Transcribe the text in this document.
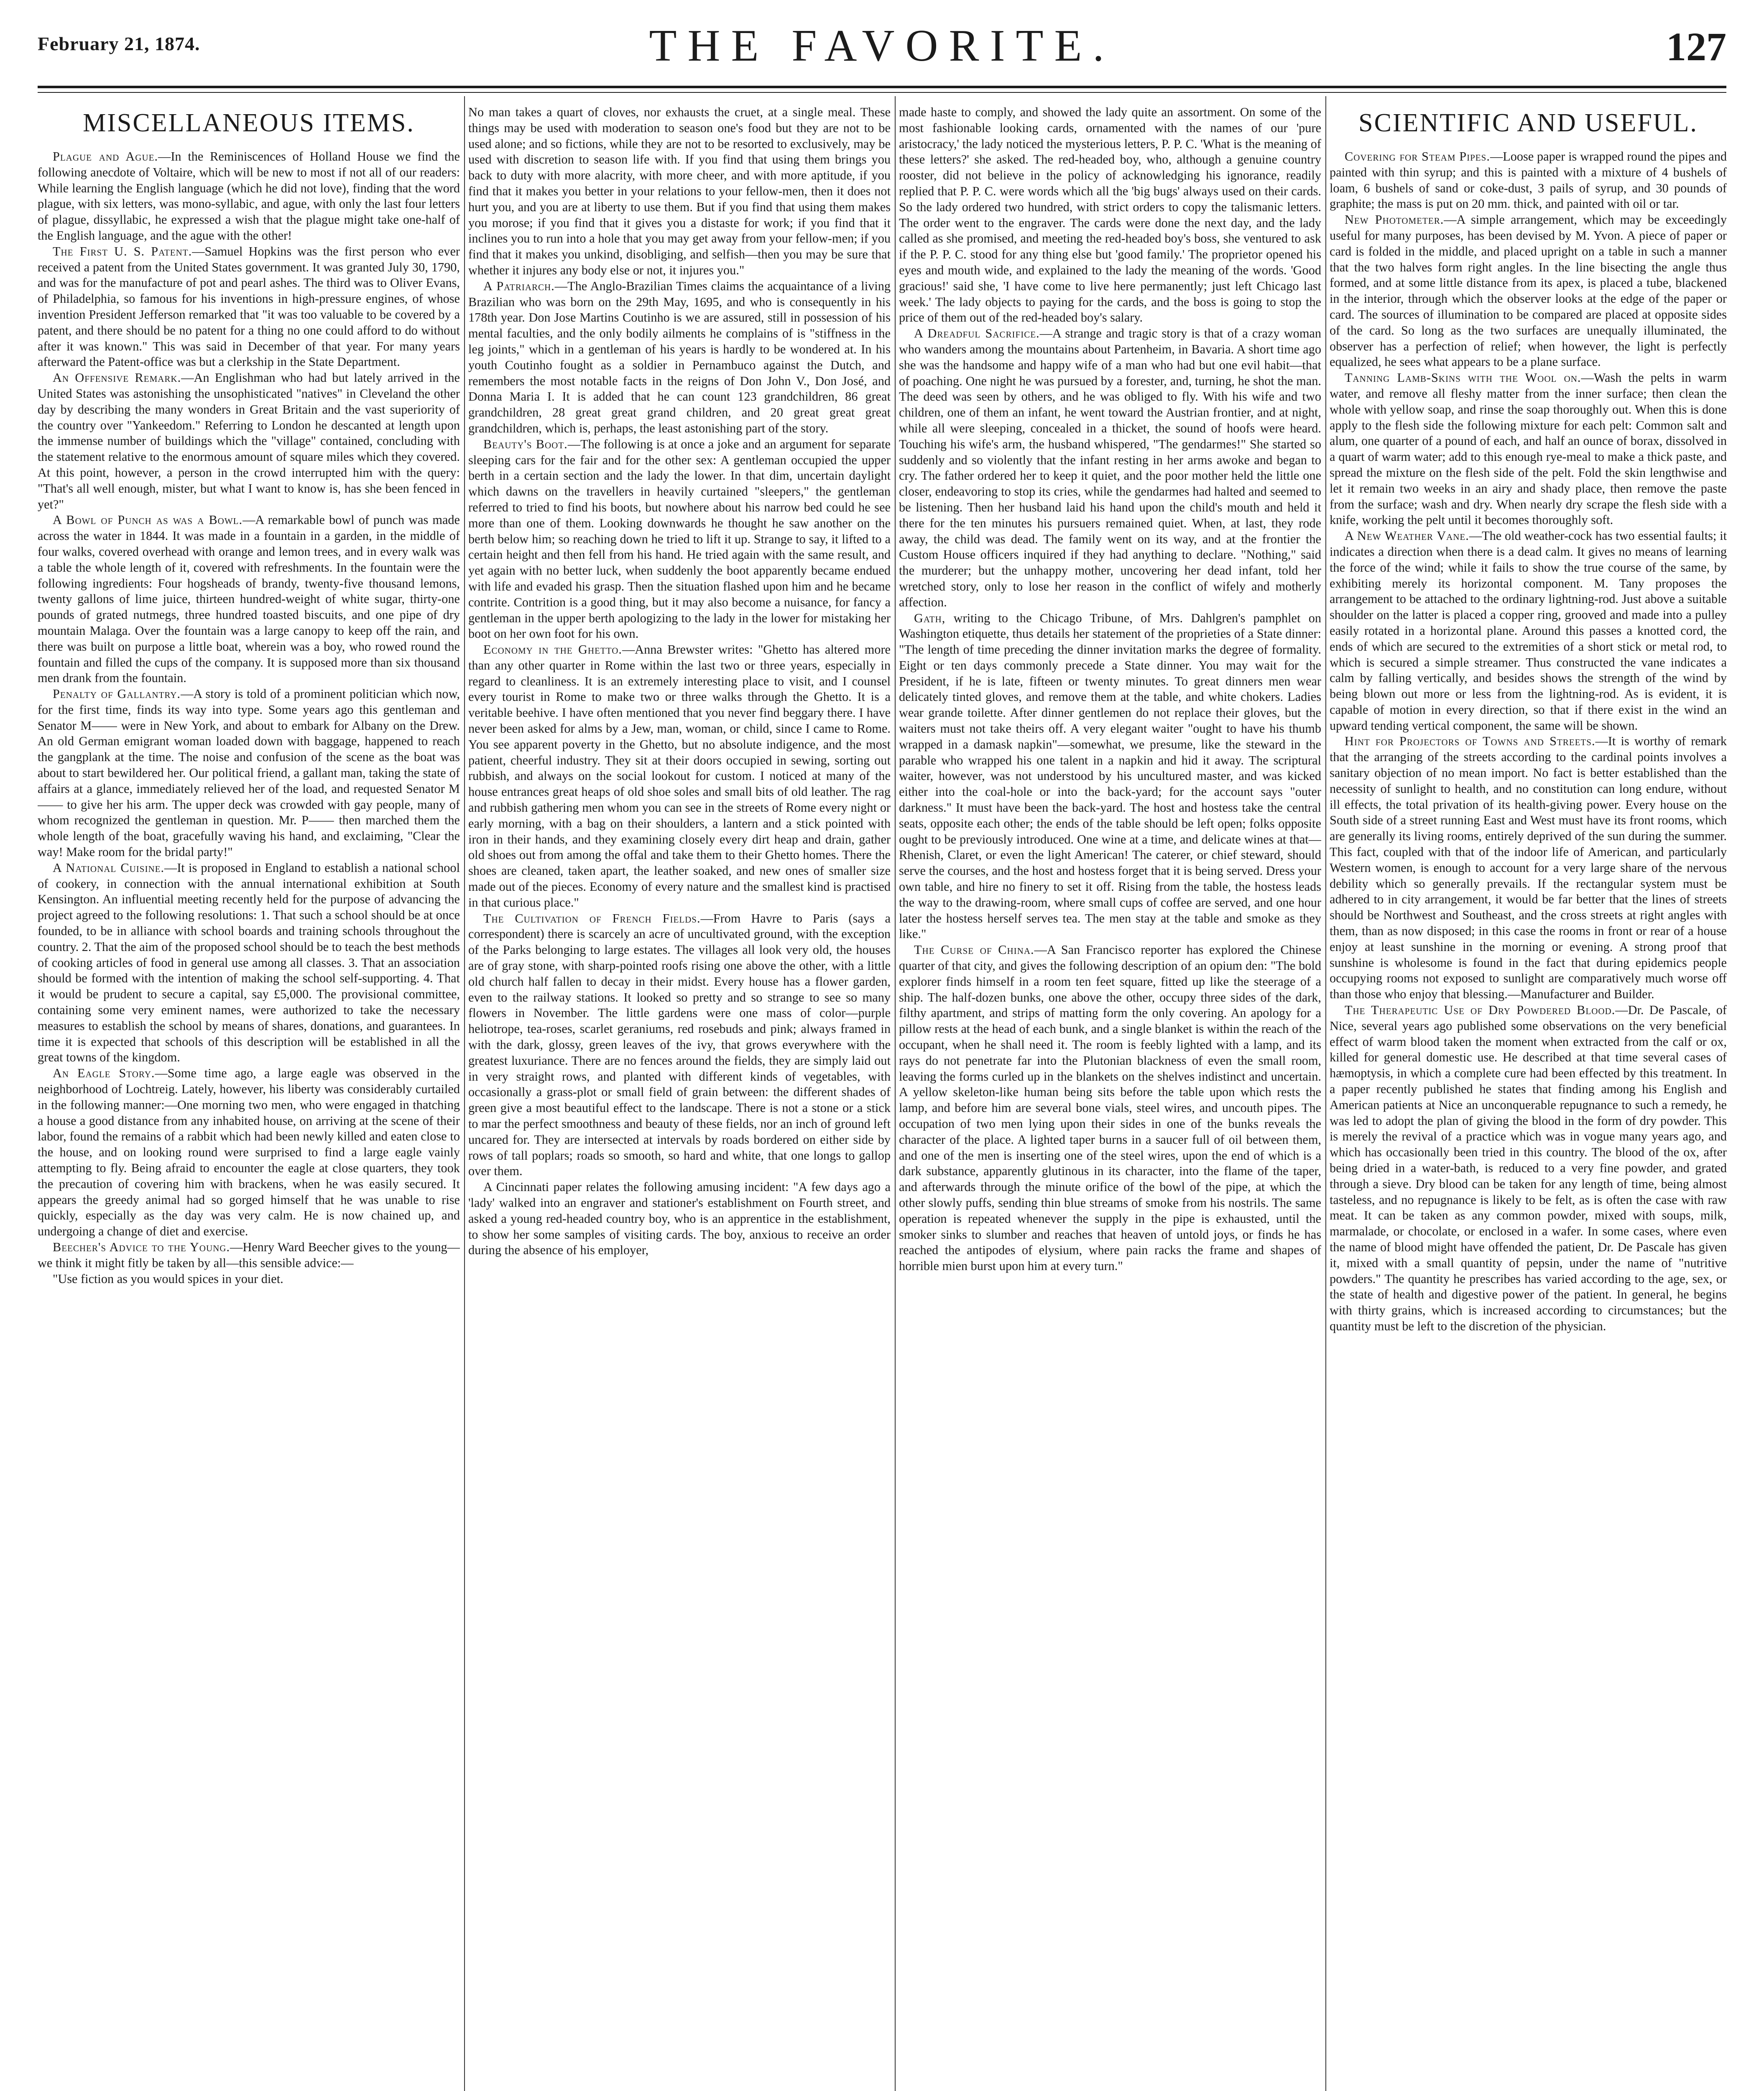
February 21, 1874.	THE FAVORITE.	127
MISCELLANEOUS ITEMS.

Plague and Ague.—In the Reminiscences of Holland House we find the following anecdote of Voltaire, which will be new to most if not all of our readers: While learning the English language (which he did not love), finding that the word plague, with six letters, was mono-syllabic, and ague, with only the last four letters of plague, dissyllabic, he expressed a wish that the plague might take one-half of the English language, and the ague with the other!

The First U. S. Patent.—Samuel Hopkins was the first person who ever received a patent from the United States government. It was granted July 30, 1790, and was for the manufacture of pot and pearl ashes. The third was to Oliver Evans, of Philadelphia, so famous for his inventions in high-pressure engines, of whose invention President Jefferson remarked that "it was too valuable to be covered by a patent, and there should be no patent for a thing no one could afford to do without after it was known." This was said in December of that year. For many years afterward the Patent-office was but a clerkship in the State Department.

An Offensive Remark.—An Englishman who had but lately arrived in the United States was astonishing the unsophisticated "natives" in Cleveland the other day by describing the many wonders in Great Britain and the vast superiority of the country over "Yankeedom." Referring to London he descanted at length upon the immense number of buildings which the "village" contained, concluding with the statement relative to the enormous amount of square miles which they covered. At this point, however, a person in the crowd interrupted him with the query: "That's all well enough, mister, but what I want to know is, has she been fenced in yet?"

A Bowl of Punch as was a Bowl.—A remarkable bowl of punch was made across the water in 1844. It was made in a fountain in a garden, in the middle of four walks, covered overhead with orange and lemon trees, and in every walk was a table the whole length of it, covered with refreshments. In the fountain were the following ingredients: Four hogsheads of brandy, twenty-five thousand lemons, twenty gallons of lime juice, thirteen hundred-weight of white sugar, thirty-one pounds of grated nutmegs, three hundred toasted biscuits, and one pipe of dry mountain Malaga. Over the fountain was a large canopy to keep off the rain, and there was built on purpose a little boat, wherein was a boy, who rowed round the fountain and filled the cups of the company. It is supposed more than six thousand men drank from the fountain.

Penalty of Gallantry.—A story is told of a prominent politician which now, for the first time, finds its way into type. Some years ago this gentleman and Senator M—— were in New York, and about to embark for Albany on the Drew. An old German emigrant woman loaded down with baggage, happened to reach the gangplank at the time. The noise and confusion of the scene as the boat was about to start bewildered her. Our political friend, a gallant man, taking the state of affairs at a glance, immediately relieved her of the load, and requested Senator M—— to give her his arm. The upper deck was crowded with gay people, many of whom recognized the gentleman in question. Mr. P—— then marched them the whole length of the boat, gracefully waving his hand, and exclaiming, "Clear the way! Make room for the bridal party!"

A National Cuisine.—It is proposed in England to establish a national school of cookery, in connection with the annual international exhibition at South Kensington. An influential meeting recently held for the purpose of advancing the project agreed to the following resolutions: 1. That such a school should be at once founded, to be in alliance with school boards and training schools throughout the country. 2. That the aim of the proposed school should be to teach the best methods of cooking articles of food in general use among all classes. 3. That an association should be formed with the intention of making the school self-supporting. 4. That it would be prudent to secure a capital, say £5,000. The provisional committee, containing some very eminent names, were authorized to take the necessary measures to establish the school by means of shares, donations, and guarantees. In time it is expected that schools of this description will be established in all the great towns of the kingdom.

An Eagle Story.—Some time ago, a large eagle was observed in the neighborhood of Lochtreig. Lately, however, his liberty was considerably curtailed in the following manner:—One morning two men, who were engaged in thatching a house a good distance from any inhabited house, on arriving at the scene of their labor, found the remains of a rabbit which had been newly killed and eaten close to the house, and on looking round were surprised to find a large eagle vainly attempting to fly. Being afraid to encounter the eagle at close quarters, they took the precaution of covering him with brackens, when he was easily secured. It appears the greedy animal had so gorged himself that he was unable to rise quickly, especially as the day was very calm. He is now chained up, and undergoing a change of diet and exercise.

Beecher's Advice to the Young.—Henry Ward Beecher gives to the young—we think it might fitly be taken by all—this sensible advice:—

"Use fiction as you would spices in your diet.

No man takes a quart of cloves, nor exhausts the cruet, at a single meal. These things may be used with moderation to season one's food but they are not to be used alone; and so fictions, while they are not to be resorted to exclusively, may be used with discretion to season life with. If you find that using them brings you back to duty with more alacrity, with more cheer, and with more aptitude, if you find that it makes you better in your relations to your fellow-men, then it does not hurt you, and you are at liberty to use them. But if you find that using them makes you morose; if you find that it gives you a distaste for work; if you find that it inclines you to run into a hole that you may get away from your fellow-men; if you find that it makes you unkind, disobliging, and selfish—then you may be sure that whether it injures any body else or not, it injures you."

A Patriarch.—The Anglo-Brazilian Times claims the acquaintance of a living Brazilian who was born on the 29th May, 1695, and who is consequently in his 178th year. Don Jose Martins Coutinho is we are assured, still in possession of his mental faculties, and the only bodily ailments he complains of is "stiffness in the leg joints," which in a gentleman of his years is hardly to be wondered at. In his youth Coutinho fought as a soldier in Pernambuco against the Dutch, and remembers the most notable facts in the reigns of Don John V., Don José, and Donna Maria I. It is added that he can count 123 grandchildren, 86 great grandchildren, 28 great great grand children, and 20 great great great grandchildren, which is, perhaps, the least astonishing part of the story.

Beauty's Boot.—The following is at once a joke and an argument for separate sleeping cars for the fair and for the other sex: A gentleman occupied the upper berth in a certain section and the lady the lower. In that dim, uncertain daylight which dawns on the travellers in heavily curtained "sleepers," the gentleman referred to tried to find his boots, but nowhere about his narrow bed could he see more than one of them. Looking downwards he thought he saw another on the berth below him; so reaching down he tried to lift it up. Strange to say, it lifted to a certain height and then fell from his hand. He tried again with the same result, and yet again with no better luck, when suddenly the boot apparently became endued with life and evaded his grasp. Then the situation flashed upon him and he became contrite. Contrition is a good thing, but it may also become a nuisance, for fancy a gentleman in the upper berth apologizing to the lady in the lower for mistaking her boot on her own foot for his own.

Economy in the Ghetto.—Anna Brewster writes: "Ghetto has altered more than any other quarter in Rome within the last two or three years, especially in regard to cleanliness. It is an extremely interesting place to visit, and I counsel every tourist in Rome to make two or three walks through the Ghetto. It is a veritable beehive. I have often mentioned that you never find beggary there. I have never been asked for alms by a Jew, man, woman, or child, since I came to Rome. You see apparent poverty in the Ghetto, but no absolute indigence, and the most patient, cheerful industry. They sit at their doors occupied in sewing, sorting out rubbish, and always on the social lookout for custom. I noticed at many of the house entrances great heaps of old shoe soles and small bits of old leather. The rag and rubbish gathering men whom you can see in the streets of Rome every night or early morning, with a bag on their shoulders, a lantern and a stick pointed with iron in their hands, and they examining closely every dirt heap and drain, gather old shoes out from among the offal and take them to their Ghetto homes. There the shoes are cleaned, taken apart, the leather soaked, and new ones of smaller size made out of the pieces. Economy of every nature and the smallest kind is practised in that curious place."

The Cultivation of French Fields.—From Havre to Paris (says a correspondent) there is scarcely an acre of uncultivated ground, with the exception of the Parks belonging to large estates. The villages all look very old, the houses are of gray stone, with sharp-pointed roofs rising one above the other, with a little old church half fallen to decay in their midst. Every house has a flower garden, even to the railway stations. It looked so pretty and so strange to see so many flowers in November. The little gardens were one mass of color—purple heliotrope, tea-roses, scarlet geraniums, red rosebuds and pink; always framed in with the dark, glossy, green leaves of the ivy, that grows everywhere with the greatest luxuriance. There are no fences around the fields, they are simply laid out in very straight rows, and planted with different kinds of vegetables, with occasionally a grass-plot or small field of grain between: the different shades of green give a most beautiful effect to the landscape. There is not a stone or a stick to mar the perfect smoothness and beauty of these fields, nor an inch of ground left uncared for. They are intersected at intervals by roads bordered on either side by rows of tall poplars; roads so smooth, so hard and white, that one longs to gallop over them.

A Cincinnati paper relates the following amusing incident: "A few days ago a 'lady' walked into an engraver and stationer's establishment on Fourth street, and asked a young red-headed country boy, who is an apprentice in the establishment, to show her some samples of visiting cards. The boy, anxious to receive an order during the absence of his employer,

made haste to comply, and showed the lady quite an assortment. On some of the most fashionable looking cards, ornamented with the names of our 'pure aristocracy,' the lady noticed the mysterious letters, P. P. C. 'What is the meaning of these letters?' she asked. The red-headed boy, who, although a genuine country rooster, did not believe in the policy of acknowledging his ignorance, readily replied that P. P. C. were words which all the 'big bugs' always used on their cards. So the lady ordered two hundred, with strict orders to copy the talismanic letters. The order went to the engraver. The cards were done the next day, and the lady called as she promised, and meeting the red-headed boy's boss, she ventured to ask if the P. P. C. stood for any thing else but 'good family.' The proprietor opened his eyes and mouth wide, and explained to the lady the meaning of the words. 'Good gracious!' said she, 'I have come to live here permanently; just left Chicago last week.' The lady objects to paying for the cards, and the boss is going to stop the price of them out of the red-headed boy's salary.

A Dreadful Sacrifice.—A strange and tragic story is that of a crazy woman who wanders among the mountains about Partenheim, in Bavaria. A short time ago she was the handsome and happy wife of a man who had but one evil habit—that of poaching. One night he was pursued by a forester, and, turning, he shot the man. The deed was seen by others, and he was obliged to fly. With his wife and two children, one of them an infant, he went toward the Austrian frontier, and at night, while all were sleeping, concealed in a thicket, the sound of hoofs were heard. Touching his wife's arm, the husband whispered, "The gendarmes!" She started so suddenly and so violently that the infant resting in her arms awoke and began to cry. The father ordered her to keep it quiet, and the poor mother held the little one closer, endeavoring to stop its cries, while the gendarmes had halted and seemed to be listening. Then her husband laid his hand upon the child's mouth and held it there for the ten minutes his pursuers remained quiet. When, at last, they rode away, the child was dead. The family went on its way, and at the frontier the Custom House officers inquired if they had anything to declare. "Nothing," said the murderer; but the unhappy mother, uncovering her dead infant, told her wretched story, only to lose her reason in the conflict of wifely and motherly affection.

Gath, writing to the Chicago Tribune, of Mrs. Dahlgren's pamphlet on Washington etiquette, thus details her statement of the proprieties of a State dinner: "The length of time preceding the dinner invitation marks the degree of formality. Eight or ten days commonly precede a State dinner. You may wait for the President, if he is late, fifteen or twenty minutes. To great dinners men wear delicately tinted gloves, and remove them at the table, and white chokers. Ladies wear grande toilette. After dinner gentlemen do not replace their gloves, but the waiters must not take theirs off. A very elegant waiter "ought to have his thumb wrapped in a damask napkin"—somewhat, we presume, like the steward in the parable who wrapped his one talent in a napkin and hid it away. The scriptural waiter, however, was not understood by his uncultured master, and was kicked either into the coal-hole or into the back-yard; for the account says "outer darkness." It must have been the back-yard. The host and hostess take the central seats, opposite each other; the ends of the table should be left open; folks opposite ought to be previously introduced. One wine at a time, and delicate wines at that—Rhenish, Claret, or even the light American! The caterer, or chief steward, should serve the courses, and the host and hostess forget that it is being served. Dress your own table, and hire no finery to set it off. Rising from the table, the hostess leads the way to the drawing-room, where small cups of coffee are served, and one hour later the hostess herself serves tea. The men stay at the table and smoke as they like."

The Curse of China.—A San Francisco reporter has explored the Chinese quarter of that city, and gives the following description of an opium den: "The bold explorer finds himself in a room ten feet square, fitted up like the steerage of a ship. The half-dozen bunks, one above the other, occupy three sides of the dark, filthy apartment, and strips of matting form the only covering. An apology for a pillow rests at the head of each bunk, and a single blanket is within the reach of the occupant, when he shall need it. The room is feebly lighted with a lamp, and its rays do not penetrate far into the Plutonian blackness of even the small room, leaving the forms curled up in the blankets on the shelves indistinct and uncertain. A yellow skeleton-like human being sits before the table upon which rests the lamp, and before him are several bone vials, steel wires, and uncouth pipes. The occupation of two men lying upon their sides in one of the bunks reveals the character of the place. A lighted taper burns in a saucer full of oil between them, and one of the men is inserting one of the steel wires, upon the end of which is a dark substance, apparently glutinous in its character, into the flame of the taper, and afterwards through the minute orifice of the bowl of the pipe, at which the other slowly puffs, sending thin blue streams of smoke from his nostrils. The same operation is repeated whenever the supply in the pipe is exhausted, until the smoker sinks to slumber and reaches that heaven of untold joys, or finds he has reached the antipodes of elysium, where pain racks the frame and shapes of horrible mien burst upon him at every turn."

SCIENTIFIC AND USEFUL.

Covering for Steam Pipes.—Loose paper is wrapped round the pipes and painted with thin syrup; and this is painted with a mixture of 4 bushels of loam, 6 bushels of sand or coke-dust, 3 pails of syrup, and 30 pounds of graphite; the mass is put on 20 mm. thick, and painted with oil or tar.

New Photometer.—A simple arrangement, which may be exceedingly useful for many purposes, has been devised by M. Yvon. A piece of paper or card is folded in the middle, and placed upright on a table in such a manner that the two halves form right angles. In the line bisecting the angle thus formed, and at some little distance from its apex, is placed a tube, blackened in the interior, through which the observer looks at the edge of the paper or card. The sources of illumination to be compared are placed at opposite sides of the card. So long as the two surfaces are unequally illuminated, the observer has a perfection of relief; when however, the light is perfectly equalized, he sees what appears to be a plane surface.

Tanning Lamb-Skins with the Wool on.—Wash the pelts in warm water, and remove all fleshy matter from the inner surface; then clean the whole with yellow soap, and rinse the soap thoroughly out. When this is done apply to the flesh side the following mixture for each pelt: Common salt and alum, one quarter of a pound of each, and half an ounce of borax, dissolved in a quart of warm water; add to this enough rye-meal to make a thick paste, and spread the mixture on the flesh side of the pelt. Fold the skin lengthwise and let it remain two weeks in an airy and shady place, then remove the paste from the surface; wash and dry. When nearly dry scrape the flesh side with a knife, working the pelt until it becomes thoroughly soft.

A New Weather Vane.—The old weather-cock has two essential faults; it indicates a direction when there is a dead calm. It gives no means of learning the force of the wind; while it fails to show the true course of the same, by exhibiting merely its horizontal component. M. Tany proposes the arrangement to be attached to the ordinary lightning-rod. Just above a suitable shoulder on the latter is placed a copper ring, grooved and made into a pulley easily rotated in a horizontal plane. Around this passes a knotted cord, the ends of which are secured to the extremities of a short stick or metal rod, to which is secured a simple streamer. Thus constructed the vane indicates a calm by falling vertically, and besides shows the strength of the wind by being blown out more or less from the lightning-rod. As is evident, it is capable of motion in every direction, so that if there exist in the wind an upward tending vertical component, the same will be shown.

Hint for Projectors of Towns and Streets.—It is worthy of remark that the arranging of the streets according to the cardinal points involves a sanitary objection of no mean import. No fact is better established than the necessity of sunlight to health, and no constitution can long endure, without ill effects, the total privation of its health-giving power. Every house on the South side of a street running East and West must have its front rooms, which are generally its living rooms, entirely deprived of the sun during the summer. This fact, coupled with that of the indoor life of American, and particularly Western women, is enough to account for a very large share of the nervous debility which so generally prevails. If the rectangular system must be adhered to in city arrangement, it would be far better that the lines of streets should be Northwest and Southeast, and the cross streets at right angles with them, than as now disposed; in this case the rooms in front or rear of a house enjoy at least sunshine in the morning or evening. A strong proof that sunshine is wholesome is found in the fact that during epidemics people occupying rooms not exposed to sunlight are comparatively much worse off than those who enjoy that blessing.—Manufacturer and Builder.

The Therapeutic Use of Dry Powdered Blood.—Dr. De Pascale, of Nice, several years ago published some observations on the very beneficial effect of warm blood taken the moment when extracted from the calf or ox, killed for general domestic use. He described at that time several cases of hæmoptysis, in which a complete cure had been effected by this treatment. In a paper recently published he states that finding among his English and American patients at Nice an unconquerable repugnance to such a remedy, he was led to adopt the plan of giving the blood in the form of dry powder. This is merely the revival of a practice which was in vogue many years ago, and which has occasionally been tried in this country. The blood of the ox, after being dried in a water-bath, is reduced to a very fine powder, and grated through a sieve. Dry blood can be taken for any length of time, being almost tasteless, and no repugnance is likely to be felt, as is often the case with raw meat. It can be taken as any common powder, mixed with soups, milk, marmalade, or chocolate, or enclosed in a wafer. In some cases, where even the name of blood might have offended the patient, Dr. De Pascale has given it, mixed with a small quantity of pepsin, under the name of "nutritive powders." The quantity he prescribes has varied according to the age, sex, or the state of health and digestive power of the patient. In general, he begins with thirty grains, which is increased according to circumstances; but the quantity must be left to the discretion of the physician.
